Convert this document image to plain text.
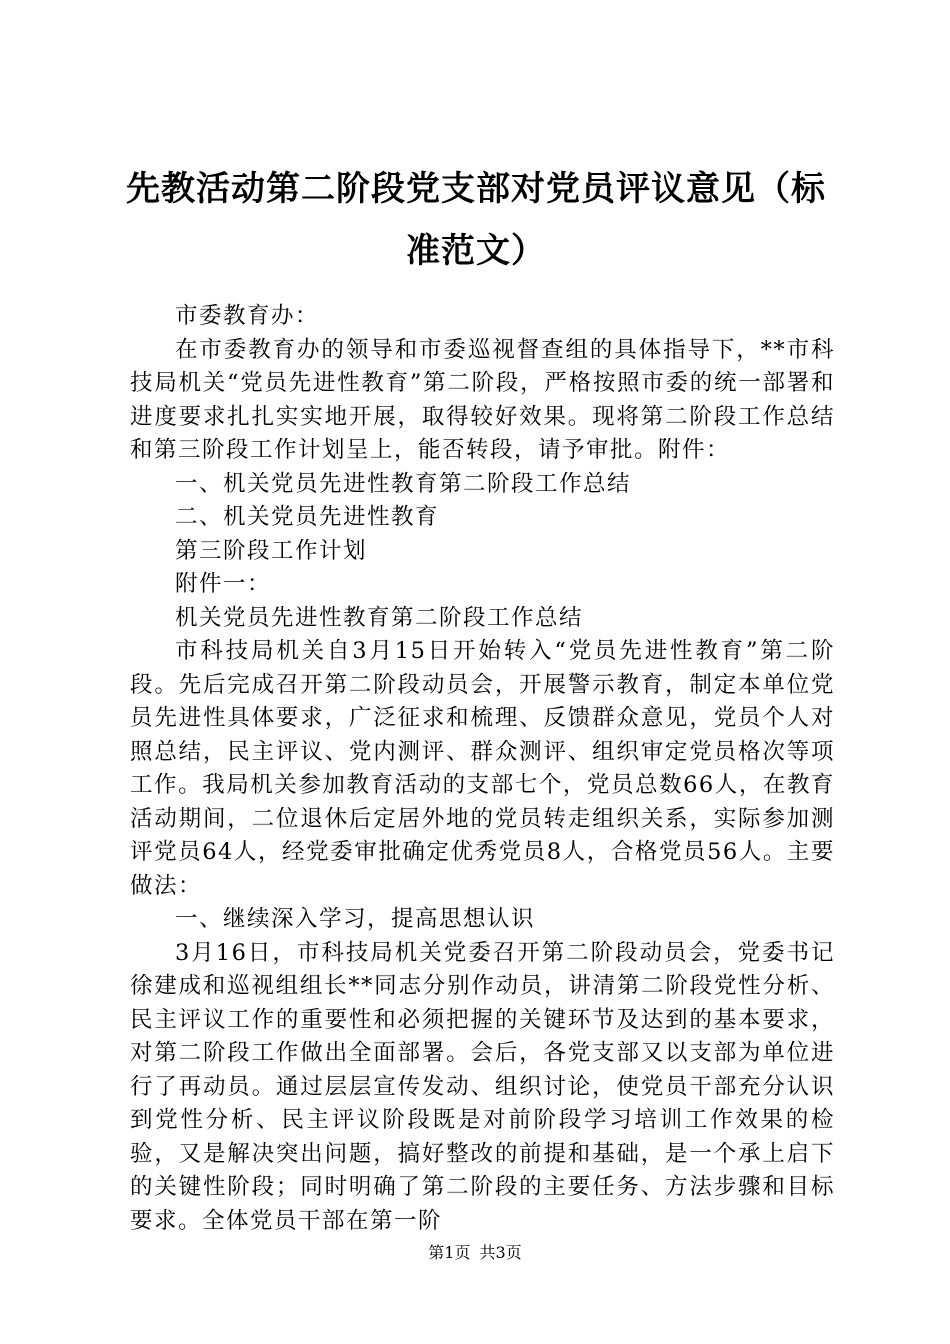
先教活动第二阶段党支部对党员评议意见（标准范文）

市委教育办：

在市委教育办的领导和市委巡视督查组的具体指导下，**市科技局机关“党员先进性教育”第二阶段，严格按照市委的统一部署和进度要求扎扎实实地开展，取得较好效果。现将第二阶段工作总结和第三阶段工作计划呈上，能否转段，请予审批。附件：

一、机关党员先进性教育第二阶段工作总结

二、机关党员先进性教育

第三阶段工作计划

附件一：

机关党员先进性教育第二阶段工作总结

市科技局机关自3月15日开始转入“党员先进性教育”第二阶段。先后完成召开第二阶段动员会，开展警示教育，制定本单位党员先进性具体要求，广泛征求和梳理、反馈群众意见，党员个人对照总结，民主评议、党内测评、群众测评、组织审定党员格次等项工作。我局机关参加教育活动的支部七个，党员总数66人，在教育活动期间，二位退休后定居外地的党员转走组织关系，实际参加测评党员64人，经党委审批确定优秀党员8人，合格党员56人。主要做法：

一、继续深入学习，提高思想认识

3月16日，市科技局机关党委召开第二阶段动员会，党委书记徐建成和巡视组组长**同志分别作动员，讲清第二阶段党性分析、民主评议工作的重要性和必须把握的关键环节及达到的基本要求，对第二阶段工作做出全面部署。会后，各党支部又以支部为单位进行了再动员。通过层层宣传发动、组织讨论，使党员干部充分认识到党性分析、民主评议阶段既是对前阶段学习培训工作效果的检验，又是解决突出问题，搞好整改的前提和基础，是一个承上启下的关键性阶段；同时明确了第二阶段的主要任务、方法步骤和目标要求。全体党员干部在第一阶

第1页 共3页
